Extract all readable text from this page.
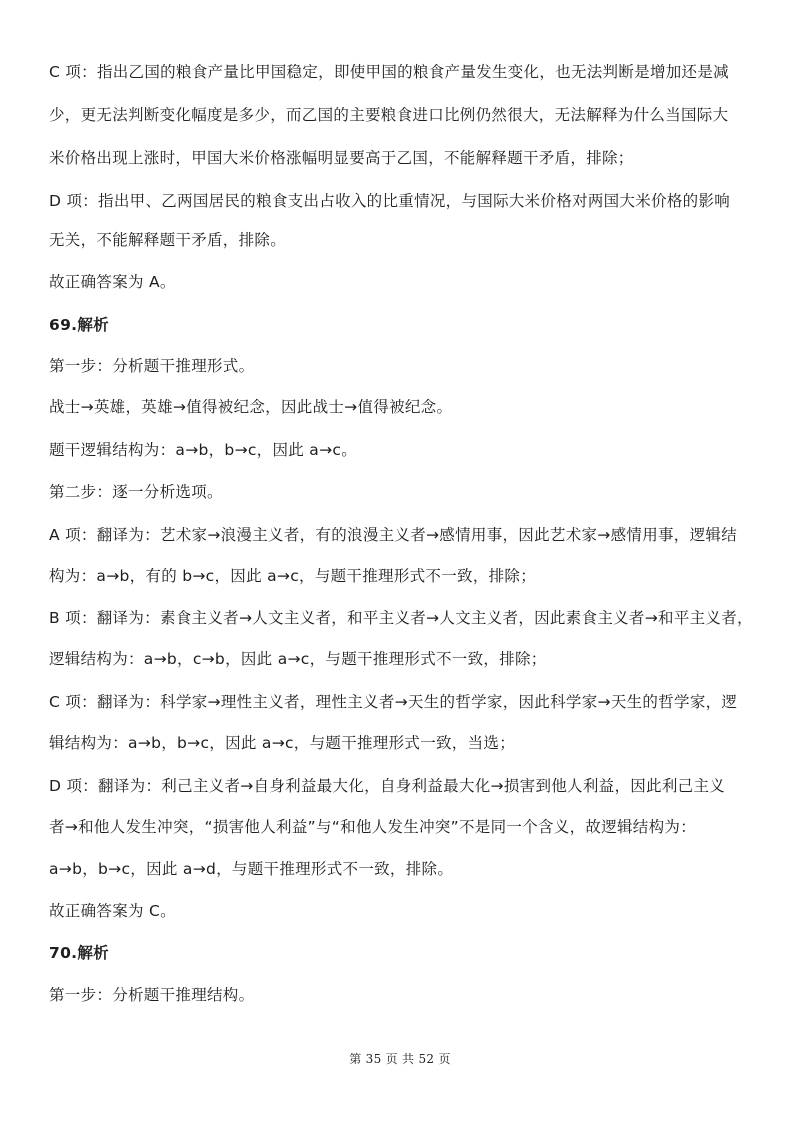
C 项：指出乙国的粮食产量比甲国稳定，即使甲国的粮食产量发生变化，也无法判断是增加还是减
少，更无法判断变化幅度是多少，而乙国的主要粮食进口比例仍然很大，无法解释为什么当国际大
米价格出现上涨时，甲国大米价格涨幅明显要高于乙国，不能解释题干矛盾，排除；
D 项：指出甲、乙两国居民的粮食支出占收入的比重情况，与国际大米价格对两国大米价格的影响
无关，不能解释题干矛盾，排除。
故正确答案为 A。
69.解析
第一步：分析题干推理形式。
战士→英雄，英雄→值得被纪念，因此战士→值得被纪念。
题干逻辑结构为：a→b，b→c，因此 a→c。
第二步：逐一分析选项。
A 项：翻译为：艺术家→浪漫主义者，有的浪漫主义者→感情用事，因此艺术家→感情用事，逻辑结
构为：a→b，有的 b→c，因此 a→c，与题干推理形式不一致，排除；
B 项：翻译为：素食主义者→人文主义者，和平主义者→人文主义者，因此素食主义者→和平主义者，
逻辑结构为：a→b，c→b，因此 a→c，与题干推理形式不一致，排除；
C 项：翻译为：科学家→理性主义者，理性主义者→天生的哲学家，因此科学家→天生的哲学家，逻
辑结构为：a→b，b→c，因此 a→c，与题干推理形式一致，当选；
D 项：翻译为：利己主义者→自身利益最大化，自身利益最大化→损害到他人利益，因此利己主义
者→和他人发生冲突，“损害他人利益”与“和他人发生冲突”不是同一个含义，故逻辑结构为：
a→b，b→c，因此 a→d，与题干推理形式不一致，排除。
故正确答案为 C。
70.解析
第一步：分析题干推理结构。
第 35 页 共 52 页
